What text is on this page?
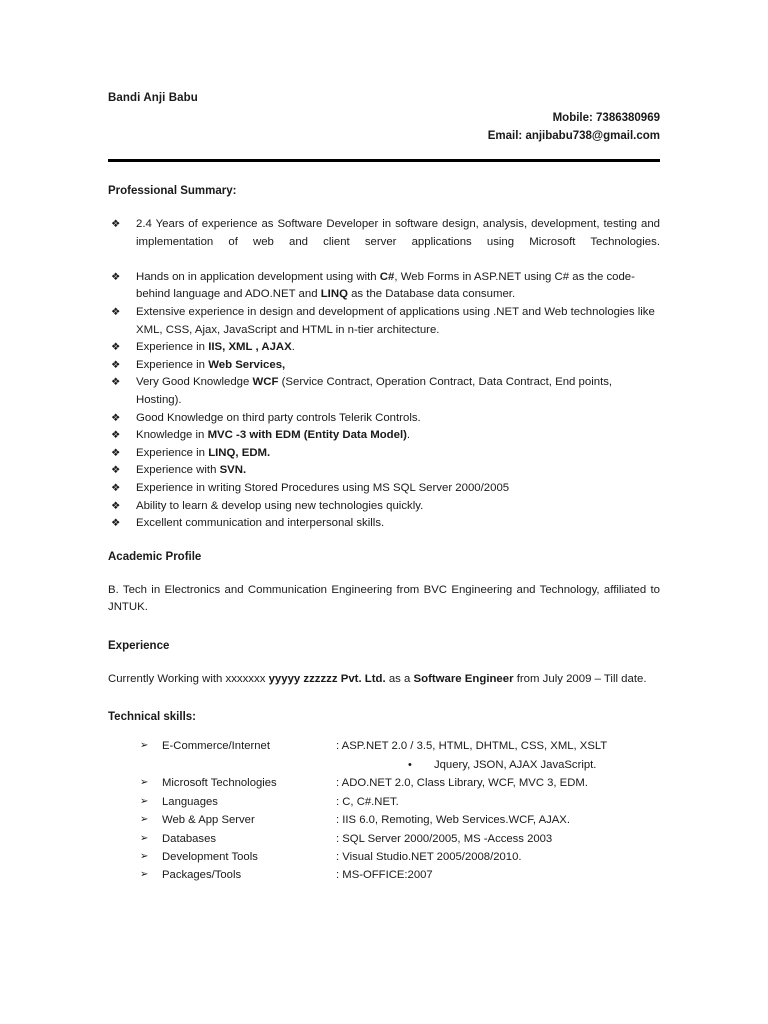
Bandi Anji Babu
Mobile: 7386380969
Email: anjibabu738@gmail.com
Professional Summary:
❖ 2.4 Years of experience as Software Developer in software design, analysis, development, testing and implementation of web and client server applications using Microsoft Technologies.
❖ Hands on in application development using with C#, Web Forms in ASP.NET using C# as the code-behind language and ADO.NET and LINQ as the Database data consumer.
❖ Extensive experience in design and development of applications using .NET and Web technologies like XML, CSS, Ajax, JavaScript and HTML in n-tier architecture.
❖ Experience in IIS, XML , AJAX.
❖ Experience in Web Services,
❖ Very Good Knowledge WCF (Service Contract, Operation Contract, Data Contract, End points, Hosting).
❖ Good Knowledge on third party controls Telerik Controls.
❖ Knowledge in MVC -3 with EDM (Entity Data Model).
❖ Experience in LINQ, EDM.
❖ Experience with SVN.
❖ Experience in writing Stored Procedures using MS SQL Server 2000/2005
❖ Ability to learn & develop using new technologies quickly.
❖ Excellent communication and interpersonal skills.
Academic Profile

B. Tech in Electronics and Communication Engineering from BVC Engineering and Technology, affiliated to JNTUK.

Experience

Currently Working with xxxxxxx yyyyy zzzzzz Pvt. Ltd. as a Software Engineer from July 2009 – Till date.

Technical skills:
➢	E-Commerce/Internet	: ASP.NET 2.0 / 3.5, HTML, DHTML, CSS, XML, XSLT
•	Jquery, JSON, AJAX JavaScript.
➢	Microsoft Technologies	: ADO.NET 2.0, Class Library, WCF, MVC 3, EDM.
➢	Languages	: C, C#.NET.
➢	Web & App Server	: IIS 6.0, Remoting, Web Services.WCF, AJAX.
➢	Databases	: SQL Server 2000/2005, MS -Access 2003
➢	Development Tools	: Visual Studio.NET 2005/2008/2010.
➢	Packages/Tools	: MS-OFFICE:2007
